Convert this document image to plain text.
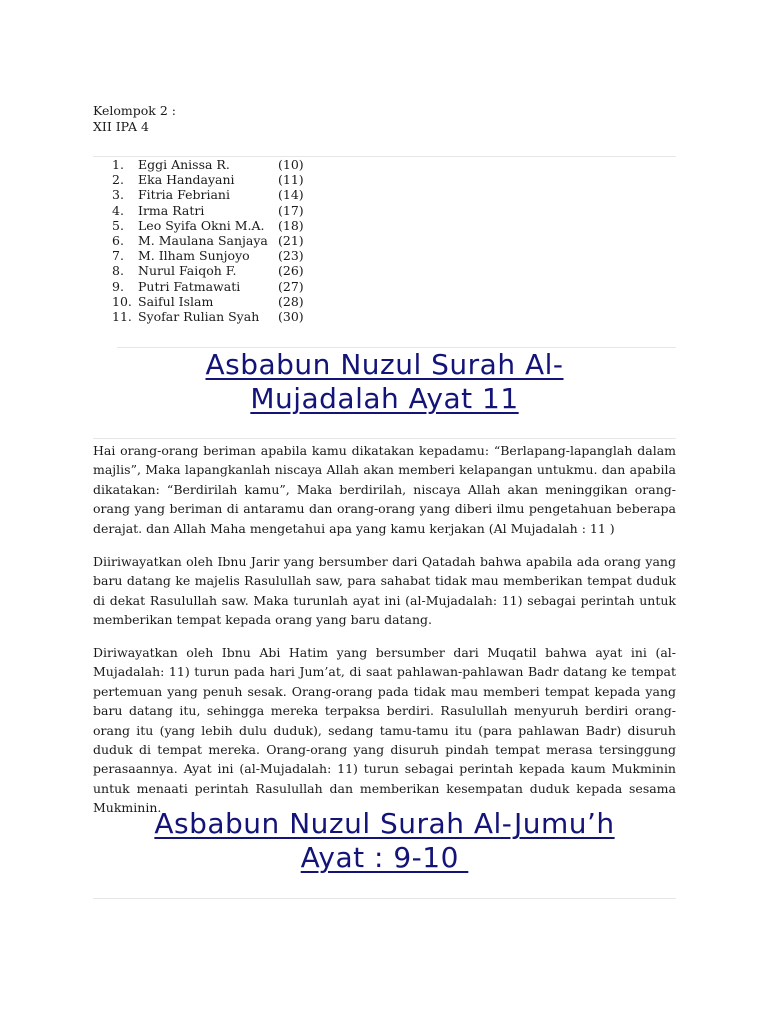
Kelompok 2 :

XII IPA 4

1.	Eggi Anissa R.	(10)
2.	Eka Handayani	(11)
3.	Fitria Febriani	(14)
4.	Irma Ratri	(17)
5.	Leo Syifa Okni M.A.	(18)
6.	M. Maulana Sanjaya (21)
7.	M. Ilham Sunjoyo	(23)
8.	Nurul Faiqoh F.	(26)
9.	Putri Fatmawati	(27)
10. Saiful Islam	(28)
11. Syofar Rulian Syah	(30)
Asbabun Nuzul Surah Al-
Mujadalah Ayat 11

Hai orang-orang beriman apabila kamu dikatakan kepadamu: “Berlapang-lapanglah dalam majlis”, Maka lapangkanlah niscaya Allah akan memberi kelapangan untukmu. dan apabila dikatakan: “Berdirilah kamu”, Maka berdirilah, niscaya Allah akan meninggikan orang-orang yang beriman di antaramu dan orang-orang yang diberi ilmu pengetahuan beberapa derajat. dan Allah Maha mengetahui apa yang kamu kerjakan (Al Mujadalah : 11 )

Diiriwayatkan oleh Ibnu Jarir yang bersumber dari Qatadah bahwa apabila ada orang yang baru datang ke majelis Rasulullah saw, para sahabat tidak mau memberikan tempat duduk di dekat Rasulullah saw. Maka turunlah ayat ini (al-Mujadalah: 11) sebagai perintah untuk memberikan tempat kepada orang yang baru datang.

Diriwayatkan oleh Ibnu Abi Hatim yang bersumber dari Muqatil bahwa ayat ini (al-Mujadalah: 11) turun pada hari Jum’at, di saat pahlawan-pahlawan Badr datang ke tempat pertemuan yang penuh sesak. Orang-orang pada tidak mau memberi tempat kepada yang baru datang itu, sehingga mereka terpaksa berdiri. Rasulullah menyuruh berdiri orang-orang itu (yang lebih dulu duduk), sedang tamu-tamu itu (para pahlawan Badr) disuruh duduk di tempat mereka. Orang-orang yang disuruh pindah tempat merasa tersinggung perasaannya. Ayat ini (al-Mujadalah: 11) turun sebagai perintah kepada kaum Mukminin untuk menaati perintah Rasulullah dan memberikan kesempatan duduk kepada sesama Mukminin.

Asbabun Nuzul Surah Al-Jumu’h
Ayat : 9-10
